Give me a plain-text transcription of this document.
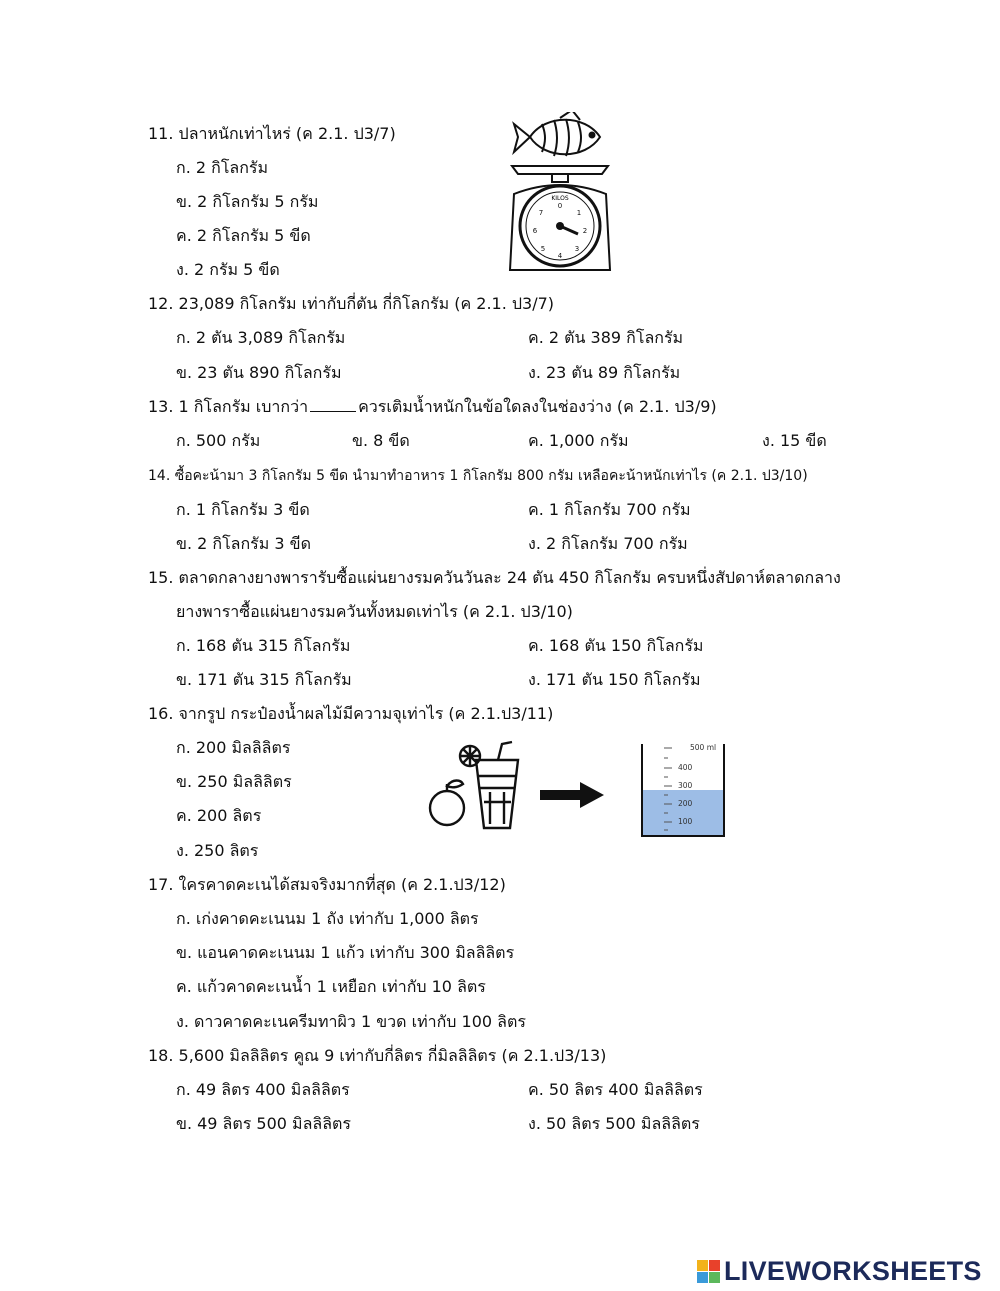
11. ปลาหนักเท่าไหร่ (ค 2.1. ป3/7)
ก. 2 กิโลกรัม
ข. 2 กิโลกรัม 5 กรัม
ค. 2 กิโลกรัม 5 ขีด
ง. 2 กรัม 5 ขีด
KILOS
0
1
2
3
4
5
6
7
12. 23,089 กิโลกรัม เท่ากับกี่ตัน กี่กิโลกรัม (ค 2.1. ป3/7)
ก. 2 ตัน 3,089 กิโลกรัม	ค. 2 ตัน 389 กิโลกรัม
ข. 23 ตัน 890 กิโลกรัม	ง. 23 ตัน 89 กิโลกรัม
13. 1 กิโลกรัม เบากว่า	ควรเติมน้ำหนักในข้อใดลงในช่องว่าง (ค 2.1. ป3/9)
ก. 500 กรัม	ข. 8 ขีด	ค. 1,000 กรัม	ง. 15 ขีด
14. ซื้อคะน้ามา 3 กิโลกรัม 5 ขีด นำมาทำอาหาร 1 กิโลกรัม 800 กรัม เหลือคะน้าหนักเท่าไร (ค 2.1. ป3/10)
ก. 1 กิโลกรัม 3 ขีด	ค. 1 กิโลกรัม 700 กรัม
ข. 2 กิโลกรัม 3 ขีด	ง. 2 กิโลกรัม 700 กรัม
15. ตลาดกลางยางพารารับซื้อแผ่นยางรมควันวันละ 24 ตัน 450 กิโลกรัม ครบหนึ่งสัปดาห์ตลาดกลาง
ยางพาราซื้อแผ่นยางรมควันทั้งหมดเท่าไร (ค 2.1. ป3/10)
ก. 168 ตัน 315 กิโลกรัม	ค. 168 ตัน 150 กิโลกรัม
ข. 171 ตัน 315 กิโลกรัม	ง. 171 ตัน 150 กิโลกรัม
16. จากรูป กระป๋องน้ำผลไม้มีความจุเท่าไร (ค 2.1.ป3/11)
ก. 200 มิลลิลิตร
ข. 250 มิลลิลิตร
ค. 200 ลิตร
ง. 250 ลิตร
500 ml
400
300
200
100
17. ใครคาดคะเนได้สมจริงมากที่สุด (ค 2.1.ป3/12)
ก. เก่งคาดคะเนนม 1 ถัง เท่ากับ 1,000 ลิตร
ข. แอนคาดคะเนนม 1 แก้ว เท่ากับ 300 มิลลิลิตร
ค. แก้วคาดคะเนน้ำ 1 เหยือก เท่ากับ 10 ลิตร
ง. ดาวคาดคะเนครีมทาผิว 1 ขวด เท่ากับ 100 ลิตร
18. 5,600 มิลลิลิตร คูณ 9 เท่ากับกี่ลิตร กี่มิลลิลิตร (ค 2.1.ป3/13)
ก. 49 ลิตร 400 มิลลิลิตร	ค. 50 ลิตร 400 มิลลิลิตร
ข. 49 ลิตร 500 มิลลิลิตร	ง. 50 ลิตร 500 มิลลิลิตร
LIVEWORKSHEETS
